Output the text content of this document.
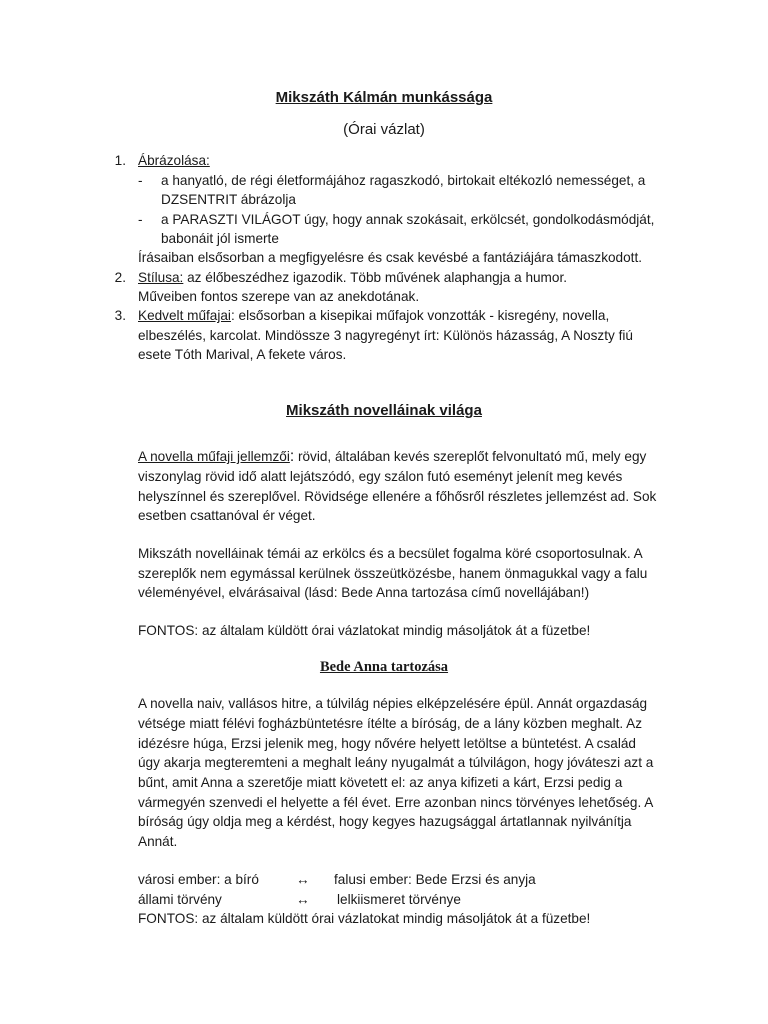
Mikszáth Kálmán munkássága
(Órai vázlat)
1. Ábrázolása:
- a hanyatló, de régi életformájához ragaszkodó, birtokait eltékozló nemességet, a
DZSENTRIT ábrázolja
- a PARASZTI VILÁGOT úgy, hogy annak szokásait, erkölcsét, gondolkodásmódját,
babonáit jól ismerte
Írásaiban elsősorban a megfigyelésre és csak kevésbé a fantáziájára támaszkodott.
2. Stílusa: az élőbeszédhez igazodik. Több művének alaphangja a humor.
Műveiben fontos szerepe van az anekdotának.
3. Kedvelt műfajai: elsősorban a kisepikai műfajok vonzották - kisregény, novella,
elbeszélés, karcolat. Mindössze 3 nagyregényt írt: Különös házasság, A Noszty fiú
esete Tóth Marival, A fekete város.
Mikszáth novelláinak világa
A novella műfaji jellemzői: rövid, általában kevés szereplőt felvonultató mű, mely egy
viszonylag rövid idő alatt lejátszódó, egy szálon futó eseményt jelenít meg kevés
helyszínnel és szereplővel. Rövidsége ellenére a főhősről részletes jellemzést ad. Sok
esetben csattanóval ér véget.
Mikszáth novelláinak témái az erkölcs és a becsület fogalma köré csoportosulnak. A
szereplők nem egymással kerülnek összeütközésbe, hanem önmagukkal vagy a falu
véleményével, elvárásaival (lásd: Bede Anna tartozása című novellájában!)
FONTOS: az általam küldött órai vázlatokat mindig másoljátok át a füzetbe!
Bede Anna tartozása
A novella naiv, vallásos hitre, a túlvilág népies elképzelésére épül. Annát orgazdaság
vétsége miatt félévi fogházbüntetésre ítélte a bíróság, de a lány közben meghalt. Az
idézésre húga, Erzsi jelenik meg, hogy nővére helyett letöltse a büntetést. A család
úgy akarja megteremteni a meghalt leány nyugalmát a túlvilágon, hogy jóváteszi azt a
bűnt, amit Anna a szeretője miatt követett el: az anya kifizeti a kárt, Erzsi pedig a
vármegyén szenvedi el helyette a fél évet. Erre azonban nincs törvényes lehetőség. A
bíróság úgy oldja meg a kérdést, hogy kegyes hazugsággal ártatlannak nyilvánítja
Annát.
városi ember: a bíró	↔ falusi ember: Bede Erzsi és anyja
állami törvény	↔ lelkiismeret törvénye
FONTOS: az általam küldött órai vázlatokat mindig másoljátok át a füzetbe!
